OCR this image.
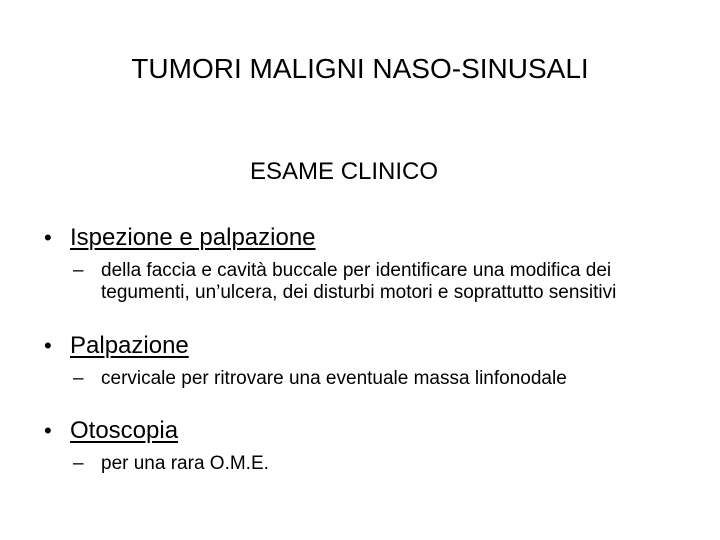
TUMORI MALIGNI NASO-SINUSALI
ESAME CLINICO
• Ispezione e palpazione
– della faccia e cavità buccale per identificare una modifica dei tegumenti, un’ulcera, dei disturbi motori e soprattutto sensitivi
• Palpazione
– cervicale per ritrovare una eventuale massa linfonodale
• Otoscopia
– per una rara O.M.E.
